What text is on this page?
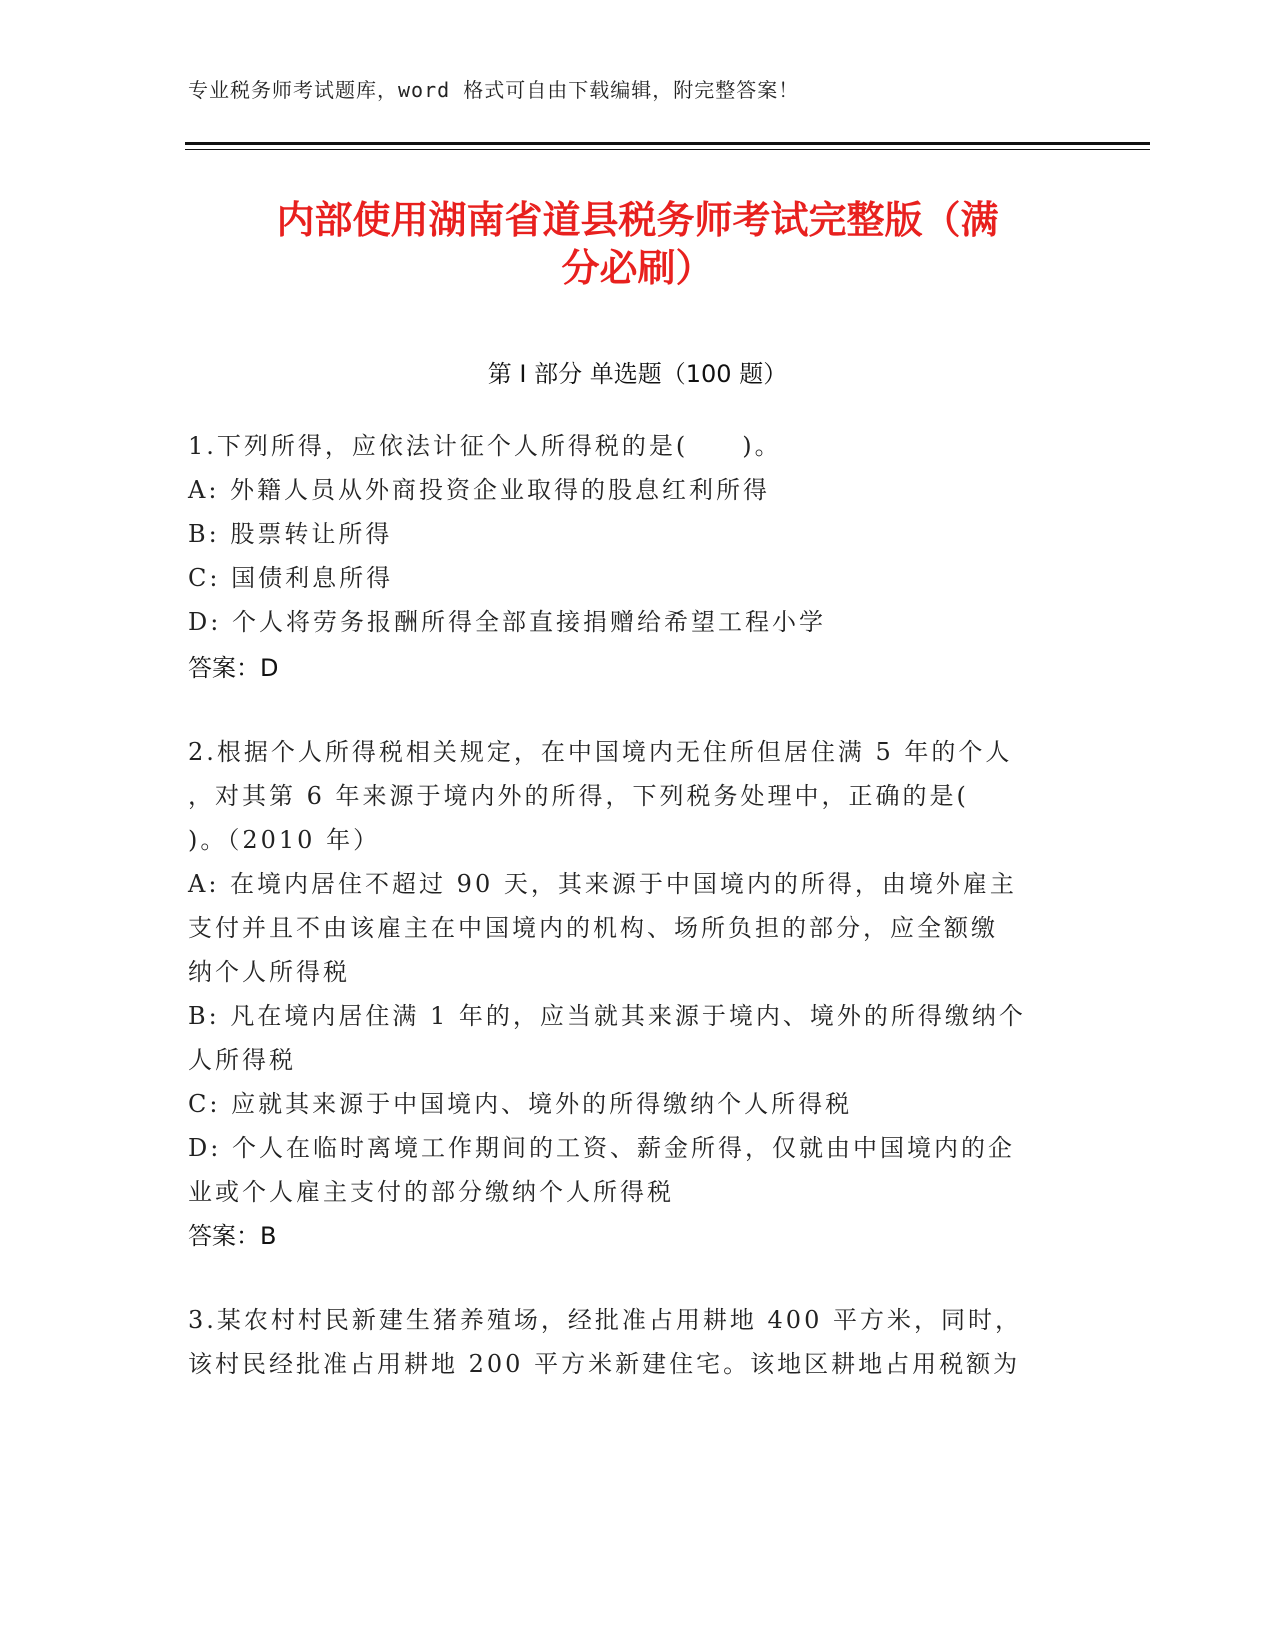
专业税务师考试题库，word 格式可自由下载编辑，附完整答案！
内部使用湖南省道县税务师考试完整版（满
分必刷）
第 I 部分 单选题（100 题）
1.下列所得，应依法计征个人所得税的是(　　)。
A: 外籍人员从外商投资企业取得的股息红利所得
B: 股票转让所得
C: 国债利息所得
D: 个人将劳务报酬所得全部直接捐赠给希望工程小学
答案：D
2.根据个人所得税相关规定，在中国境内无住所但居住满 5 年的个人
，对其第 6 年来源于境内外的所得，下列税务处理中，正确的是(
)。（2010 年）
A: 在境内居住不超过 90 天，其来源于中国境内的所得，由境外雇主
支付并且不由该雇主在中国境内的机构、场所负担的部分，应全额缴
纳个人所得税
B: 凡在境内居住满 1 年的，应当就其来源于境内、境外的所得缴纳个
人所得税
C: 应就其来源于中国境内、境外的所得缴纳个人所得税
D: 个人在临时离境工作期间的工资、薪金所得，仅就由中国境内的企
业或个人雇主支付的部分缴纳个人所得税
答案：B
3.某农村村民新建生猪养殖场，经批准占用耕地 400 平方米，同时，
该村民经批准占用耕地 200 平方米新建住宅。该地区耕地占用税额为
